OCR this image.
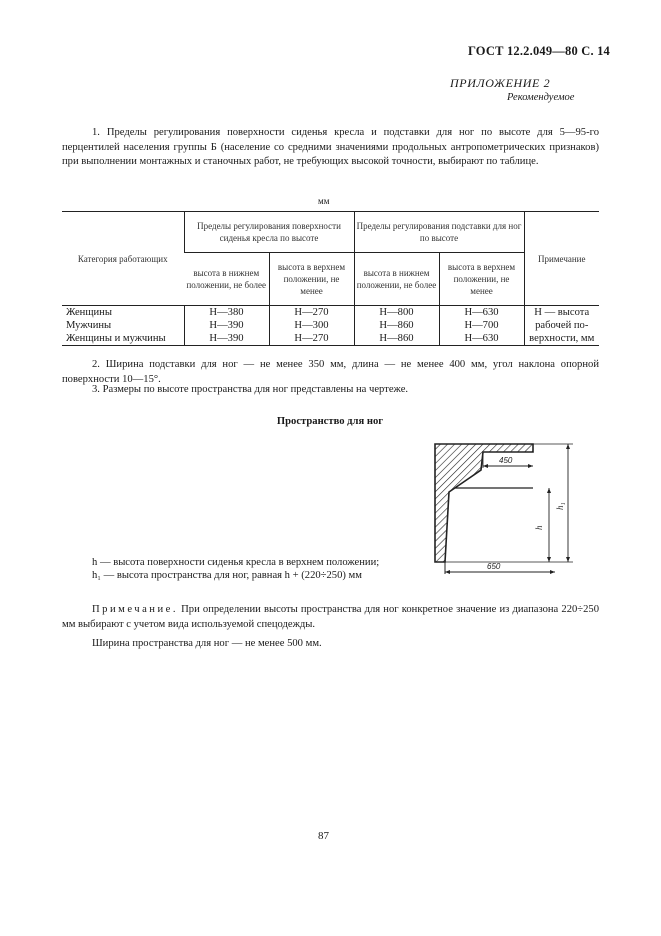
ГОСТ 12.2.049—80 С. 14
ПРИЛОЖЕНИЕ 2
Рекомендуемое
1. Пределы регулирования поверхности сиденья кресла и подставки для ног по высоте для 5—95-го перцентилей населения группы Б (население со средними значениями продольных антропометрических признаков) при выполнении монтажных и станочных работ, не требующих высокой точности, выбирают по таблице.
мм
Категория работающих	Пределы регулирования поверхности сиденья кресла по высоте		Пределы регулирования подставки для ног по высоте		Примечание
	высота в нижнем положении, не более	высота в верхнем положении, не менее	высота в нижнем положении, не более	высота в верхнем положении, не менее	
Женщины	H—380	H—270	H—800	H—630	H — высота
рабочей по-
верхности, мм

Мужчины	H—390	H—300	H—860	H—700	
Женщины и мужчины	H—390	H—270	H—860	H—630	
2. Ширина подставки для ног — не менее 350 мм, длина — не менее 400 мм, угол наклона опорной поверхности 10—15°.
3. Размеры по высоте пространства для ног представлены на чертеже.
Пространство для ног
450
650
h
h₁
h — высота поверхности сиденья кресла в верхнем положении;
h₁ — высота пространства для ног, равная h + (220÷250) мм
Примечание. При определении высоты пространства для ног конкретное значение из диапазона 220÷250 мм выбирают с учетом вида используемой спецодежды.
Ширина пространства для ног — не менее 500 мм.
87
